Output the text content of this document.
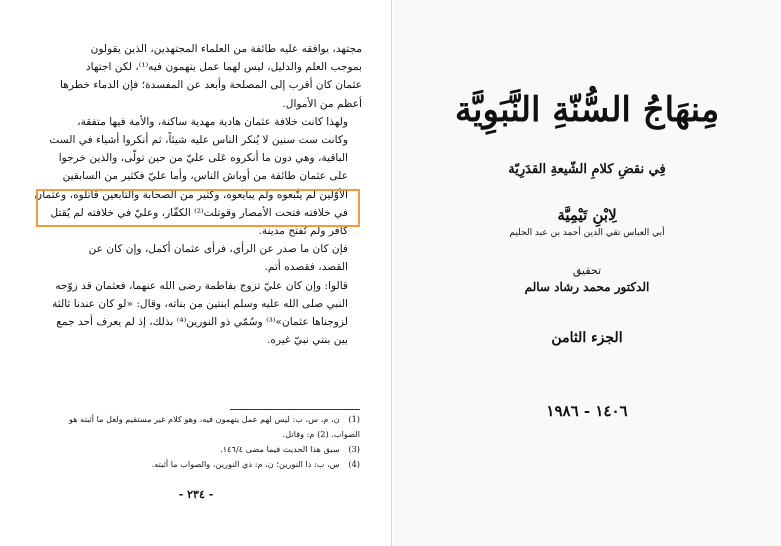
مجتهد، يوافقه عليه طائفة من العلماء المجتهدين، الذين يقولون
بموجب العلم والدليل، ليس لهما عمل يتهمون فيه⁽¹⁾، لكن اجتهاد
عثمان كان أقرب إلى المصلحة وأبعد عن المفسدة؛ فإن الدماء خطرها
أعظم من الأموال.

ولهذا كانت خلافة عثمان هادية مهدية ساكنة، والأمة فيها متفقة،
وكانت ست سنين لا يُنكر الناس عليه شيئاً، ثم أنكروا أشياء في الست
الباقية، وهي دون ما أنكروه عَلى عليّ من حين تولّى، والذين خرجوا
على عثمان طائفة من أوباش الناس، وأما عليّ فكثير من السابقين
الأوّلين لم يتَّبعوه ولم يبايعوه، وكثير من الصحابة والتابعين قاتلوه، وعثمان
في خلافته فتحت الأمصار وقوتلت⁽²⁾ الكفّار، وعليّ في خلافته لم يُقتل
كافر ولم تُفتح مدينة.

فإن كان ما صدر عن الرأي، فرأى عثمان أكمل، وإن كان عن
القصد، فقصده أتم.

قالوا: وإن كان عليّ تزوج بفاطمة رضى الله عنهما، فعثمان قد زوّجه
النبي صلى الله عليه وسلم ابنتين من بناته، وقال: «لو كان عندنا ثالثة
لزوجناها عثمان»⁽³⁾ وسُمّي ذو النورين⁽⁴⁾ بذلك، إذ لم يعرف أحد جمع
بين بنتي نبيّ غيره.

(1) ن، م، س، ب: ليس لهم عمل يتهمون فيه، وهو كلام غير مستقيم ولعل ما أثبته هو الصواب. (2) م: وقاتل.

(3) سبق هذا الحديث فيما مضى ١٤٦/٤.

(4) س، ب: ذا النورين؛ ن، م: ذي النورين، والصواب ما أثبته.

- ٢٣٤ -
مِنهَاجُ السُّنّةِ النَّبَوِيَّة
فِي نقضِ كلامِ الشّيعةِ القدَرِيّة
لِابْنِ تَيْمِيَّة
أبي العباس تقي الدين أحمد بن عبد الحليم
تحقيق
الدكتور محمد رشاد سالم
الجزء الثامن
١٤٠٦ - ١٩٨٦
